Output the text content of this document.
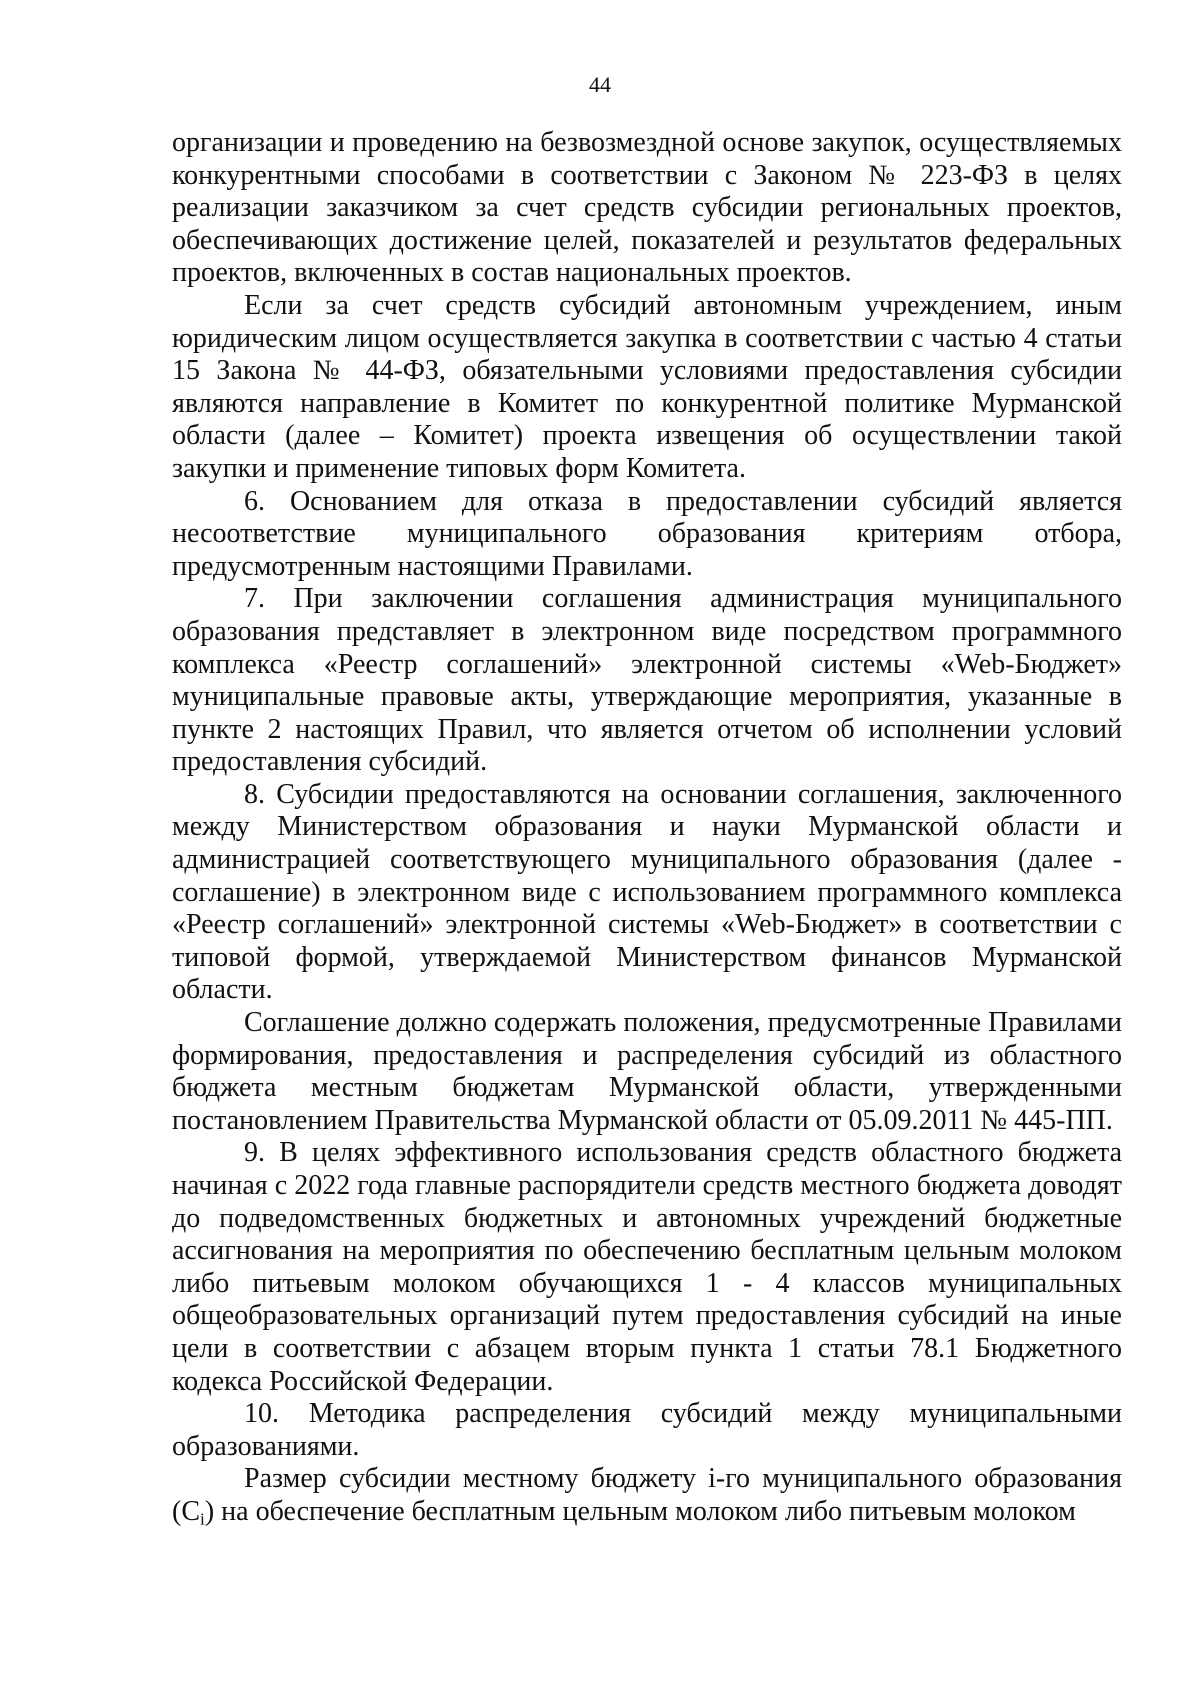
44

организации и проведению на безвозмездной основе закупок, осуществляемых конкурентными способами в соответствии с Законом № 223-ФЗ в целях реализации заказчиком за счет средств субсидии региональных проектов, обеспечивающих достижение целей, показателей и результатов федеральных проектов, включенных в состав национальных проектов.

Если за счет средств субсидий автономным учреждением, иным юридическим лицом осуществляется закупка в соответствии с частью 4 статьи 15 Закона № 44-ФЗ, обязательными условиями предоставления субсидии являются направление в Комитет по конкурентной политике Мурманской области (далее – Комитет) проекта извещения об осуществлении такой закупки и применение типовых форм Комитета.

6. Основанием для отказа в предоставлении субсидий является несоответствие муниципального образования критериям отбора, предусмотренным настоящими Правилами.

7. При заключении соглашения администрация муниципального образования представляет в электронном виде посредством программного комплекса «Реестр соглашений» электронной системы «Web-Бюджет» муниципальные правовые акты, утверждающие мероприятия, указанные в пункте 2 настоящих Правил, что является отчетом об исполнении условий предоставления субсидий.

8. Субсидии предоставляются на основании соглашения, заключенного между Министерством образования и науки Мурманской области и администрацией соответствующего муниципального образования (далее - соглашение) в электронном виде с использованием программного комплекса «Реестр соглашений» электронной системы «Web-Бюджет» в соответствии с типовой формой, утверждаемой Министерством финансов Мурманской области.

Соглашение должно содержать положения, предусмотренные Правилами формирования, предоставления и распределения субсидий из областного бюджета местным бюджетам Мурманской области, утвержденными постановлением Правительства Мурманской области от 05.09.2011 № 445-ПП.

9. В целях эффективного использования средств областного бюджета начиная с 2022 года главные распорядители средств местного бюджета доводят до подведомственных бюджетных и автономных учреждений бюджетные ассигнования на мероприятия по обеспечению бесплатным цельным молоком либо питьевым молоком обучающихся 1 - 4 классов муниципальных общеобразовательных организаций путем предоставления субсидий на иные цели в соответствии с абзацем вторым пункта 1 статьи 78.1 Бюджетного кодекса Российской Федерации.

10. Методика распределения субсидий между муниципальными образованиями.

Размер субсидии местному бюджету i-го муниципального образования $(С_i)$ на обеспечение бесплатным цельным молоком либо питьевым молоком
